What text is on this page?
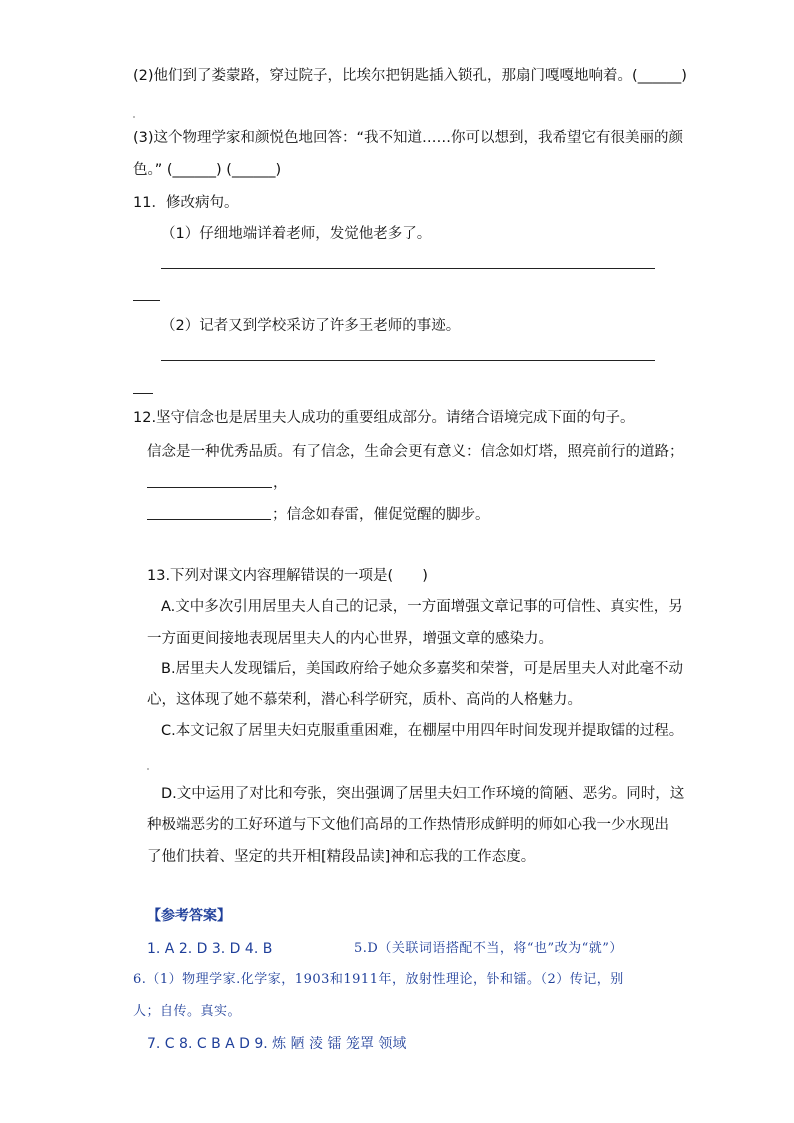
(2)他们到了娄蒙路，穿过院子，比埃尔把钥匙插入锁孔，那扇门嘎嘎地响着。(______)
(3)这个物理学家和颜悦色地回答：“我不知道……你可以想到，我希望它有很美丽的颜
色。” (______) (______)
11．修改病句。
（1）仔细地端详着老师，发觉他老多了。
（2）记者又到学校采访了许多王老师的事迹。
12.坚守信念也是居里夫人成功的重要组成部分。请绪合语境完成下面的句子。
信念是一种优秀品质。有了信念，生命会更有意义：信念如灯塔，照亮前行的道路；
，
；信念如春雷，催促觉醒的脚步。
13.下列对课文内容理解错误的一项是(　　)
A.文中多次引用居里夫人自己的记录，一方面增强文章记事的可信性、真实性，另
一方面更间接地表现居里夫人的内心世界，增强文章的感染力。
B.居里夫人发现镭后，美国政府给子她众多嘉奖和荣誉，可是居里夫人对此毫不动
心，这体现了她不慕荣利，潜心科学研究，质朴、高尚的人格魅力。
C.本文记叙了居里夫妇克服重重困难，在棚屋中用四年时间发现并提取镭的过程。
D.文中运用了对比和夸张，突出强调了居里夫妇工作环境的简陋、恶劣。同时，这
种极端恶劣的工好环道与下文他们高昂的工作热情形成鲜明的师如心我一少水现出
了他们扶着、坚定的共开相[精段品读]神和忘我的工作态度。
【参考答案】
1. A 2. D 3. D 4. B	5.D（关联词语搭配不当，将“也”改为“就”）
6.（1）物理学家.化学家，1903和1911年，放射性理论，钋和镭。（2）传记，别
人；自传。真实。
7. C 8. C B A D 9. 炼 陋 淩 镭 笼罩 领域
